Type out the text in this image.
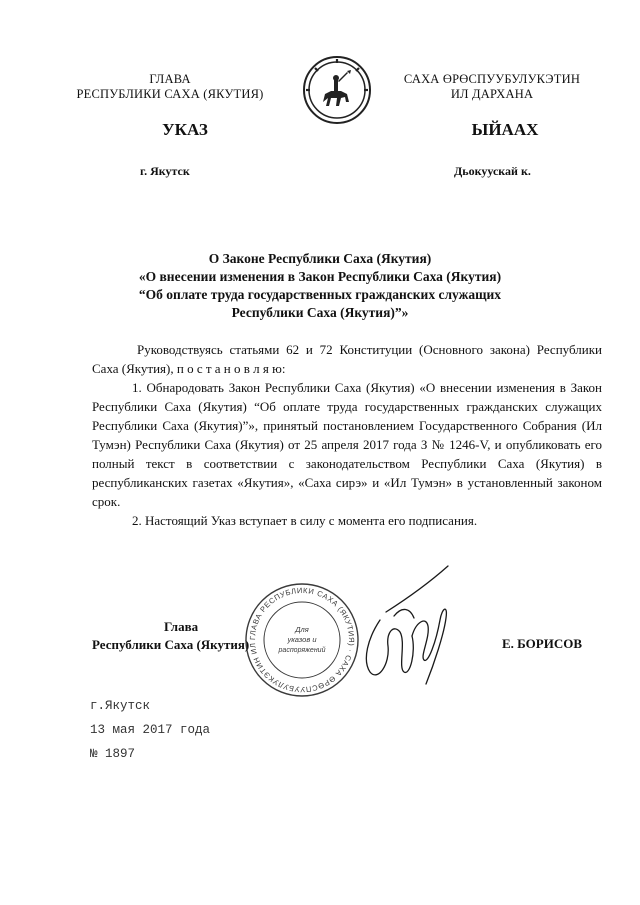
ГЛАВА
РЕСПУБЛИКИ САХА (ЯКУТИЯ)
САХА ӨРӨСПУУБУЛУКЭТИН
ИЛ ДАРХАНА
УКАЗ	ЫЙААХ
г. Якутск	Дьокуускай к.
О Законе Республики Саха (Якутия)
«О внесении изменения в Закон Республики Саха (Якутия)
“Об оплате труда государственных гражданских служащих
Республики Саха (Якутия)”»

Руководствуясь статьями 62 и 72 Конституции (Основного закона) Республики Саха (Якутия), п о с т а н о в л я ю:

1. Обнародовать Закон Республики Саха (Якутия) «О внесении изменения в Закон Республики Саха (Якутия) “Об оплате труда государственных гражданских служащих Республики Саха (Якутия)”», принятый постановлением Государственного Собрания (Ил Тумэн) Республики Саха (Якутия) от 25 апреля 2017 года З № 1246-V, и опубликовать его полный текст в соответствии с законодательством Республики Саха (Якутия) в республиканских газетах «Якутия», «Саха сирэ» и «Ил Тумэн» в установленный законом срок.

2. Настоящий Указ вступает в силу с момента его подписания.

Глава
Республики Саха (Якутия)	Е. БОРИСОВ
ГЛАВА РЕСПУБЛИКИ САХА (ЯКУТИЯ) · САХА ӨРӨСПУУБУЛУКЭТИН ИЛ
Для
указов и
распоряжений
г.Якутск
13 мая 2017 года
№ 1897
